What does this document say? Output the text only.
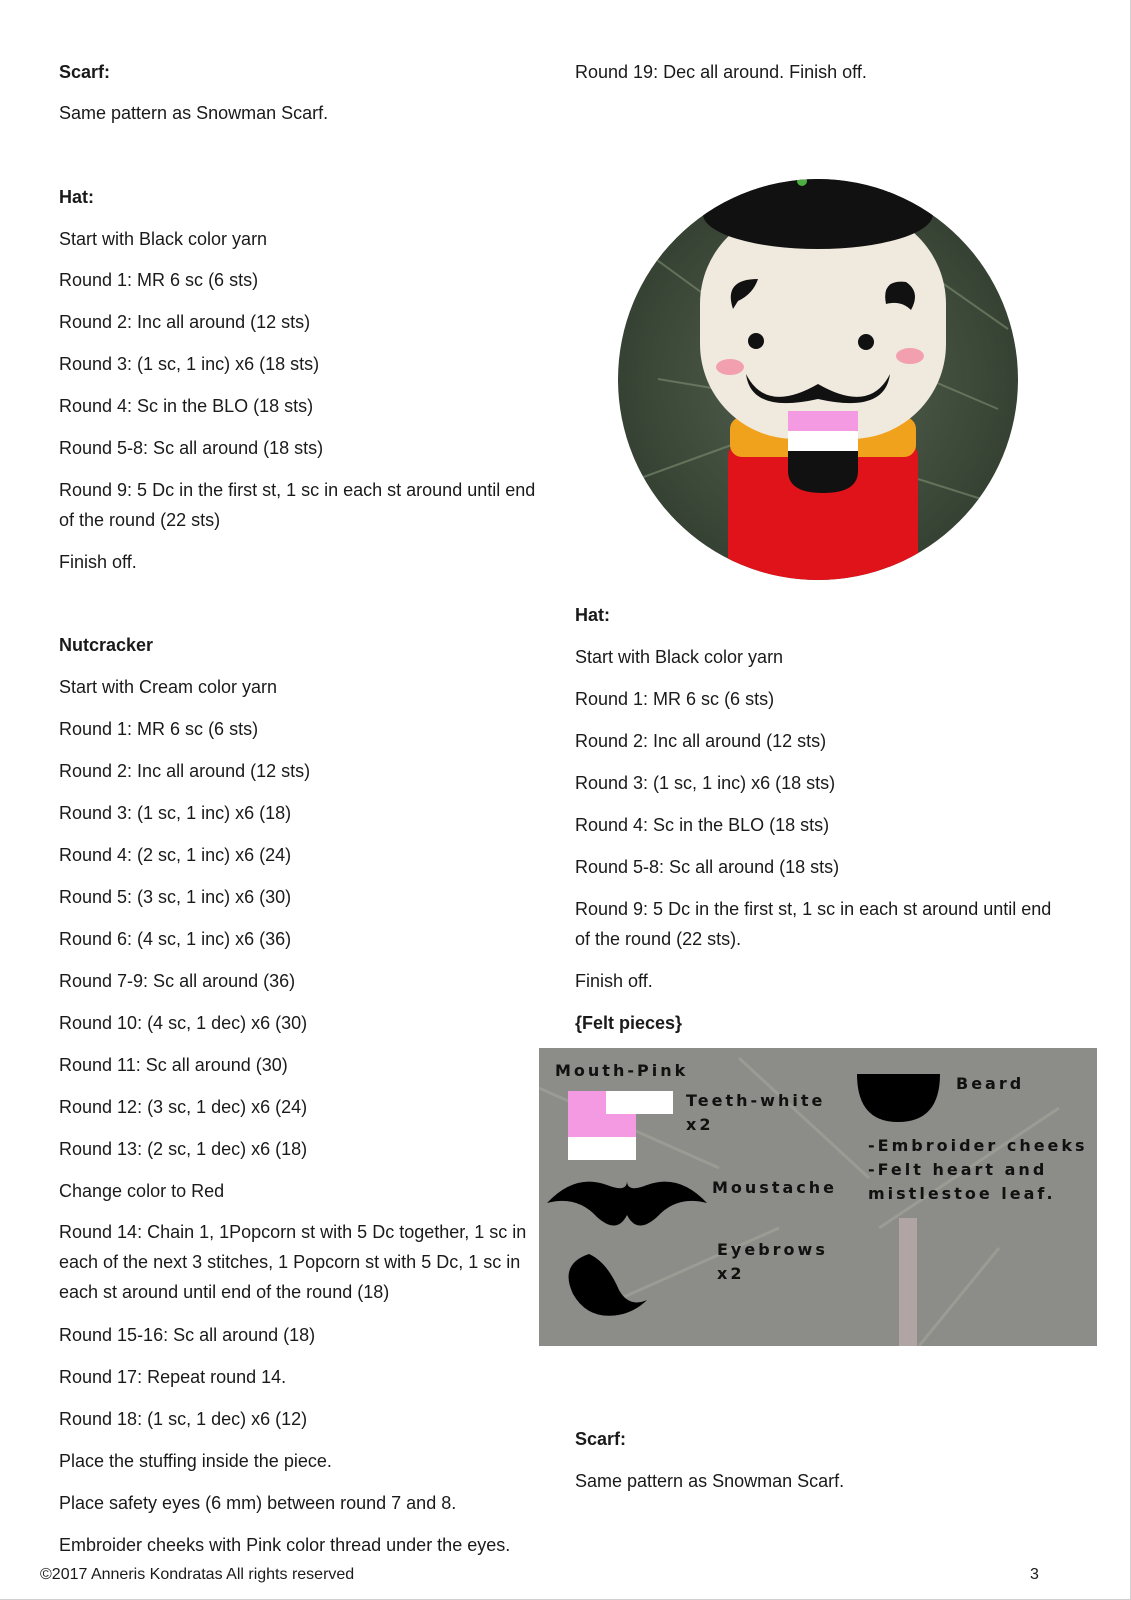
Scarf:
Same pattern as Snowman Scarf.
Hat:
Start with Black color yarn
Round 1: MR 6 sc (6 sts)
Round 2: Inc all around (12 sts)
Round 3: (1 sc, 1 inc) x6 (18 sts)
Round 4: Sc in the BLO (18 sts)
Round 5-8: Sc all around (18 sts)
Round 9: 5 Dc in the first st, 1 sc in each st around until end of the round (22 sts)
Finish off.
Nutcracker
Start with Cream color yarn
Round 1: MR 6 sc (6 sts)
Round 2: Inc all around (12 sts)
Round 3: (1 sc, 1 inc) x6 (18)
Round 4: (2 sc, 1 inc) x6 (24)
Round 5: (3 sc, 1 inc) x6 (30)
Round 6: (4 sc, 1 inc) x6 (36)
Round 7-9: Sc all around (36)
Round 10: (4 sc, 1 dec) x6 (30)
Round 11: Sc all around (30)
Round 12: (3 sc, 1 dec) x6 (24)
Round 13: (2 sc, 1 dec) x6 (18)
Change color to Red
Round 14: Chain 1, 1Popcorn st with 5 Dc together, 1 sc in each of the next 3 stitches, 1 Popcorn st with 5 Dc, 1 sc in each st around until end of the round (18)
Round 15-16: Sc all around (18)
Round 17: Repeat round 14.
Round 18: (1 sc, 1 dec) x6 (12)
Place the stuffing inside the piece.
Place safety eyes (6 mm) between round 7 and 8.
Embroider cheeks with Pink color thread under the eyes.
Round 19: Dec all around. Finish off.
Hat:
Start with Black color yarn
Round 1: MR 6 sc (6 sts)
Round 2: Inc all around (12 sts)
Round 3: (1 sc, 1 inc) x6 (18 sts)
Round 4: Sc in the BLO (18 sts)
Round 5-8: Sc all around (18 sts)
Round 9: 5 Dc in the first st, 1 sc in each st around until end of the round (22 sts).
Finish off.
{Felt pieces}
Scarf:
Same pattern as Snowman Scarf.
Mouth-Pink
Teeth-white
x2
Moustache
Eyebrows
x2
Beard
-Embroider cheeks
-Felt heart and
mistlestoe leaf.
©2017 Anneris Kondratas All rights reserved	3
